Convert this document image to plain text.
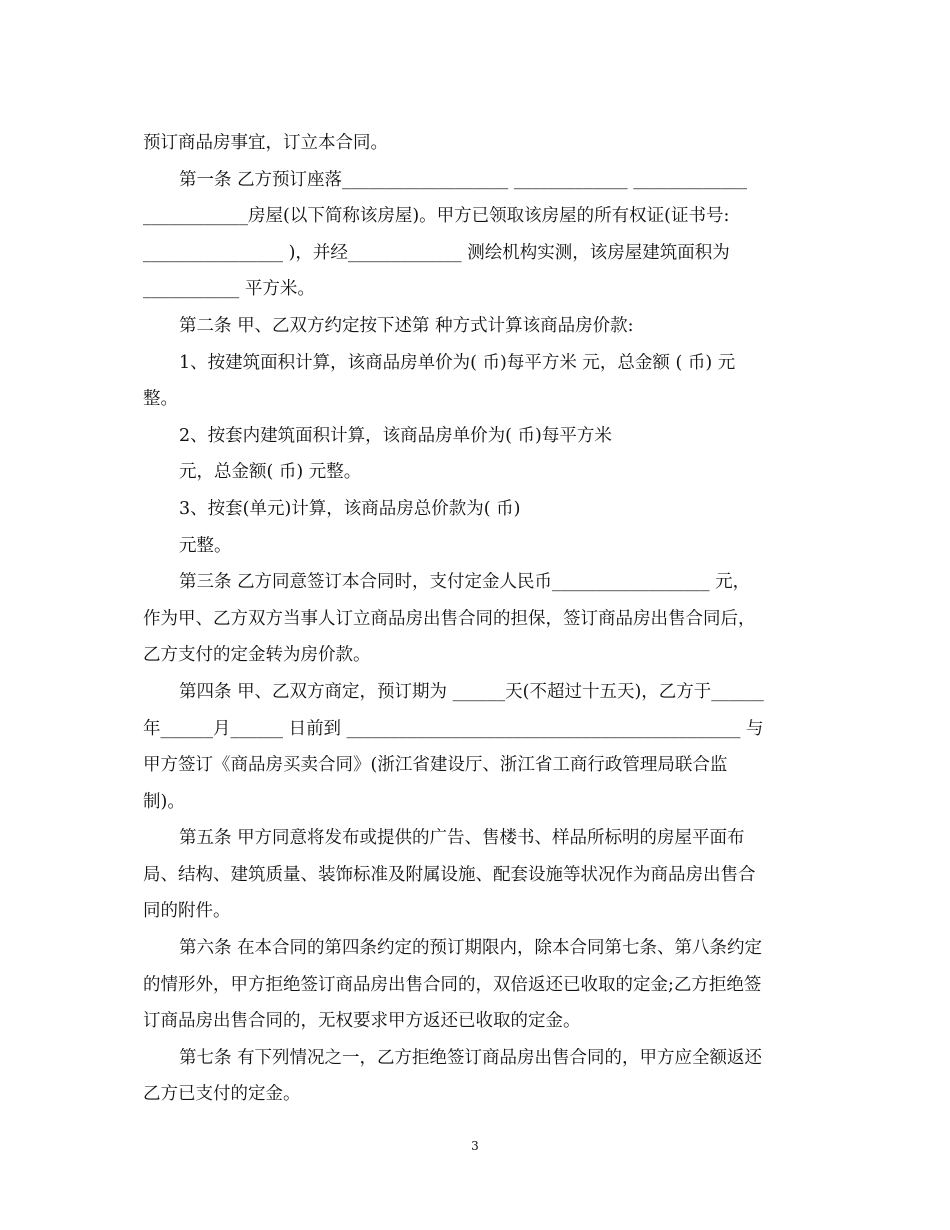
预订商品房事宜，订立本合同。
第一条 乙方预订座落___________________ _____________ _____________
____________房屋(以下简称该房屋)。甲方已领取该房屋的所有权证(证书号:
________________ )，并经_____________ 测绘机构实测，该房屋建筑面积为
___________ 平方米。
第二条 甲、乙双方约定按下述第 种方式计算该商品房价款:
1、按建筑面积计算，该商品房单价为( 币)每平方米 元，总金额 ( 币) 元
整。
2、按套内建筑面积计算，该商品房单价为( 币)每平方米
元，总金额( 币) 元整。
3、按套(单元)计算，该商品房总价款为( 币)
元整。
第三条 乙方同意签订本合同时，支付定金人民币__________________ 元，
作为甲、乙方双方当事人订立商品房出售合同的担保，签订商品房出售合同后，
乙方支付的定金转为房价款。
第四条 甲、乙双方商定，预订期为 ______天(不超过十五天)，乙方于______
年______月______ 日前到 _____________________________________________ 与
甲方签订《商品房买卖合同》(浙江省建设厅、浙江省工商行政管理局联合监
制)。
第五条 甲方同意将发布或提供的广告、售楼书、样品所标明的房屋平面布
局、结构、建筑质量、装饰标准及附属设施、配套设施等状况作为商品房出售合
同的附件。
第六条 在本合同的第四条约定的预订期限内，除本合同第七条、第八条约定
的情形外，甲方拒绝签订商品房出售合同的，双倍返还已收取的定金;乙方拒绝签
订商品房出售合同的，无权要求甲方返还已收取的定金。
第七条 有下列情况之一，乙方拒绝签订商品房出售合同的，甲方应全额返还
乙方已支付的定金。
3
